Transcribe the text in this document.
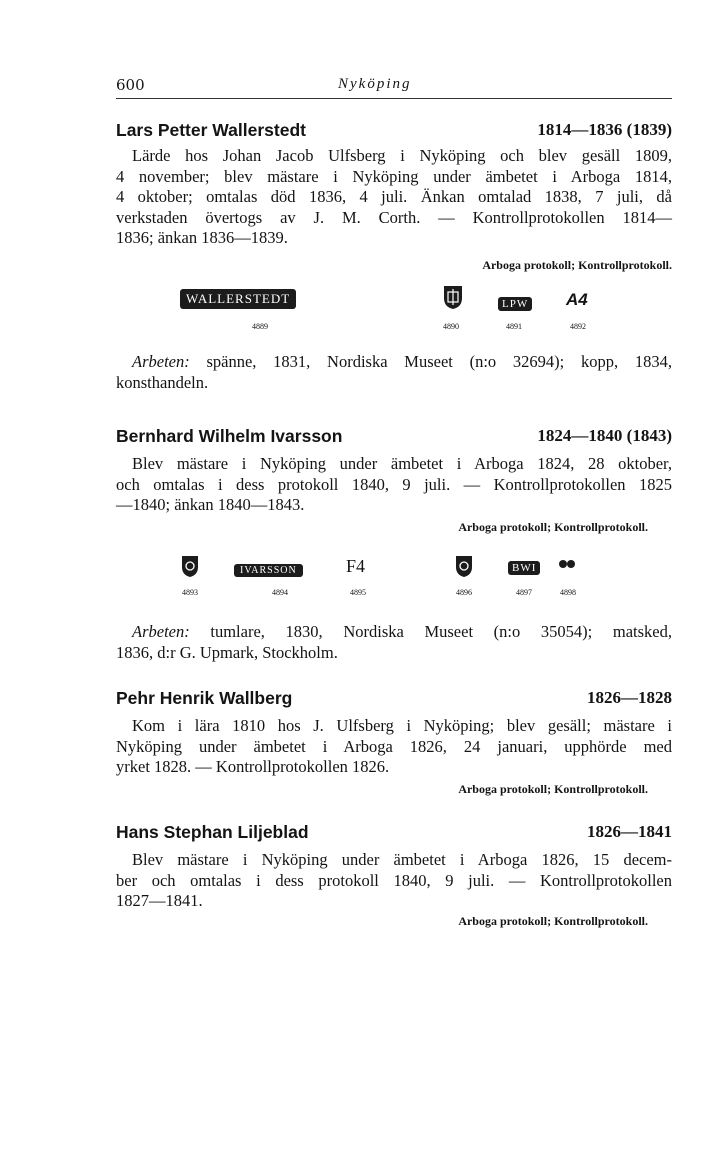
600	Nyköping
Lars Petter Wallerstedt	1814—1836 (1839)
Lärde hos Johan Jacob Ulfsberg i Nyköping och blev gesäll 1809,
4 november; blev mästare i Nyköping under ämbetet i Arboga 1814,
4 oktober; omtalas död 1836, 4 juli. Änkan omtalad 1838, 7 juli, då
verkstaden övertogs av J. M. Corth. — Kontrollprotokollen 1814—
1836; änkan 1836—1839.
Arboga protokoll; Kontrollprotokoll.
WALLERSTEDT
4889	4890
LPW
4891
A4
4892
Arbeten: spänne, 1831, Nordiska Museet (n:o 32694); kopp, 1834,
konsthandeln.
Bernhard Wilhelm Ivarsson	1824—1840 (1843)
Blev mästare i Nyköping under ämbetet i Arboga 1824, 28 oktober,
och omtalas i dess protokoll 1840, 9 juli. — Kontrollprotokollen 1825
—1840; änkan 1840—1843.
Arboga protokoll; Kontrollprotokoll.
4893
IVARSSON
4894
F4
4895	4896
BWI
4897	4898
Arbeten: tumlare, 1830, Nordiska Museet (n:o 35054); matsked,
1836, d:r G. Upmark, Stockholm.
Pehr Henrik Wallberg	1826—1828
Kom i lära 1810 hos J. Ulfsberg i Nyköping; blev gesäll; mästare i
Nyköping under ämbetet i Arboga 1826, 24 januari, upphörde med
yrket 1828. — Kontrollprotokollen 1826.
Arboga protokoll; Kontrollprotokoll.
Hans Stephan Liljeblad	1826—1841
Blev mästare i Nyköping under ämbetet i Arboga 1826, 15 decem-
ber och omtalas i dess protokoll 1840, 9 juli. — Kontrollprotokollen
1827—1841.
Arboga protokoll; Kontrollprotokoll.
